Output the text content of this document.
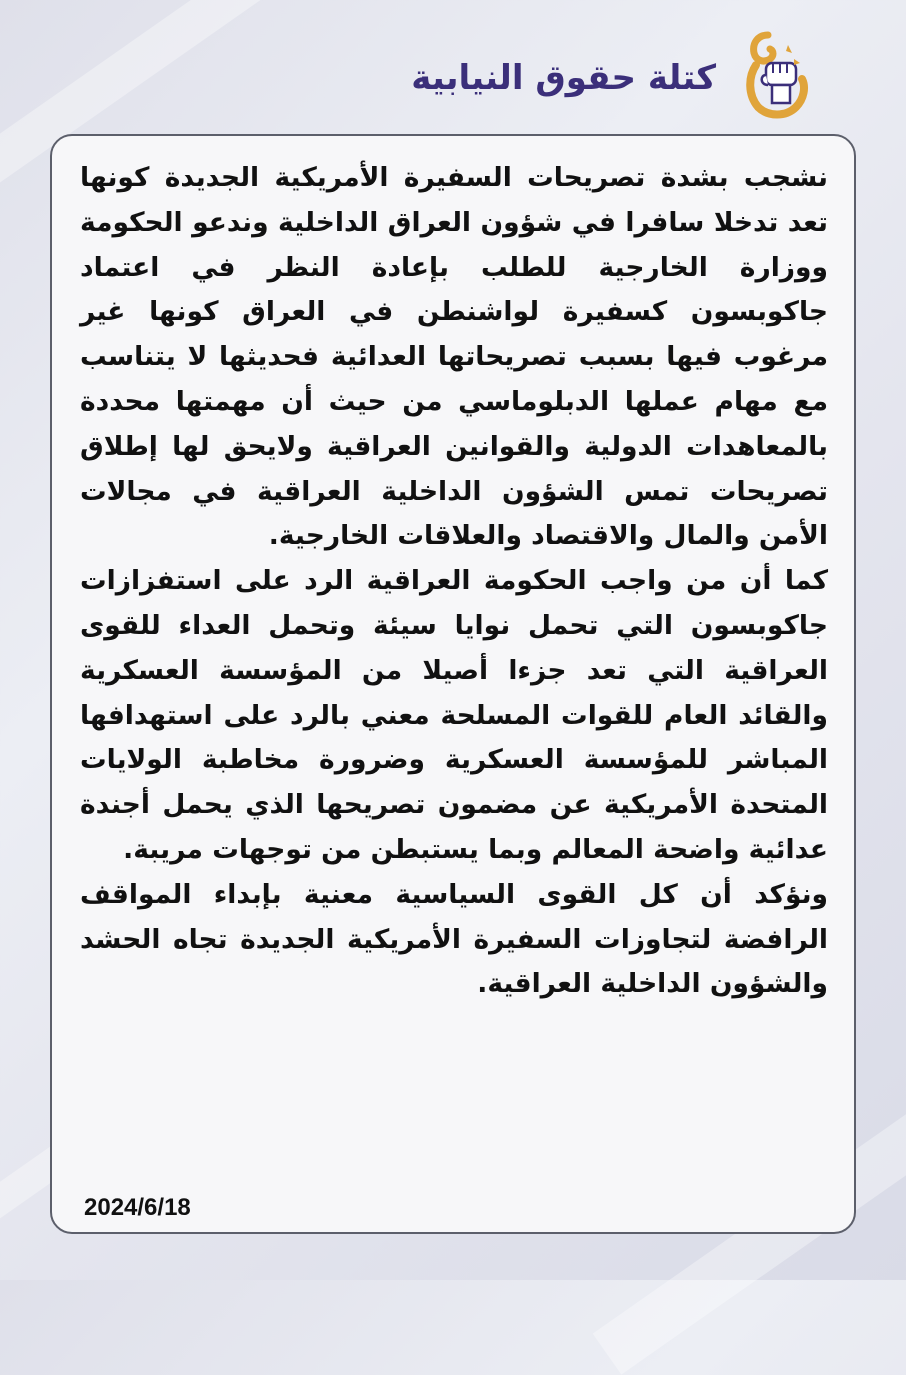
كتلة حقوق النيابية

نشجب بشدة تصريحات السفيرة الأمريكية الجديدة كونها تعد تدخلا سافرا في شؤون العراق الداخلية وندعو الحكومة ووزارة الخارجية للطلب بإعادة النظر في اعتماد جاكوبسون كسفيرة لواشنطن في العراق كونها غير مرغوب فيها بسبب تصريحاتها العدائية فحديثها لا يتناسب مع مهام عملها الدبلوماسي من حيث أن مهمتها محددة بالمعاهدات الدولية والقوانين العراقية ولايحق لها إطلاق تصريحات تمس الشؤون الداخلية العراقية في مجالات الأمن والمال والاقتصاد والعلاقات الخارجية.

كما أن من واجب الحكومة العراقية الرد على استفزازات جاكوبسون التي تحمل نوايا سيئة وتحمل العداء للقوى العراقية التي تعد جزءا أصيلا من المؤسسة العسكرية والقائد العام للقوات المسلحة معني بالرد على استهدافها المباشر للمؤسسة العسكرية وضرورة مخاطبة الولايات المتحدة الأمريكية عن مضمون تصريحها الذي يحمل أجندة عدائية واضحة المعالم وبما يستبطن من توجهات مريبة.

ونؤكد أن كل القوى السياسية معنية بإبداء المواقف الرافضة لتجاوزات السفيرة الأمريكية الجديدة تجاه الحشد والشؤون الداخلية العراقية.

2024/6/18
